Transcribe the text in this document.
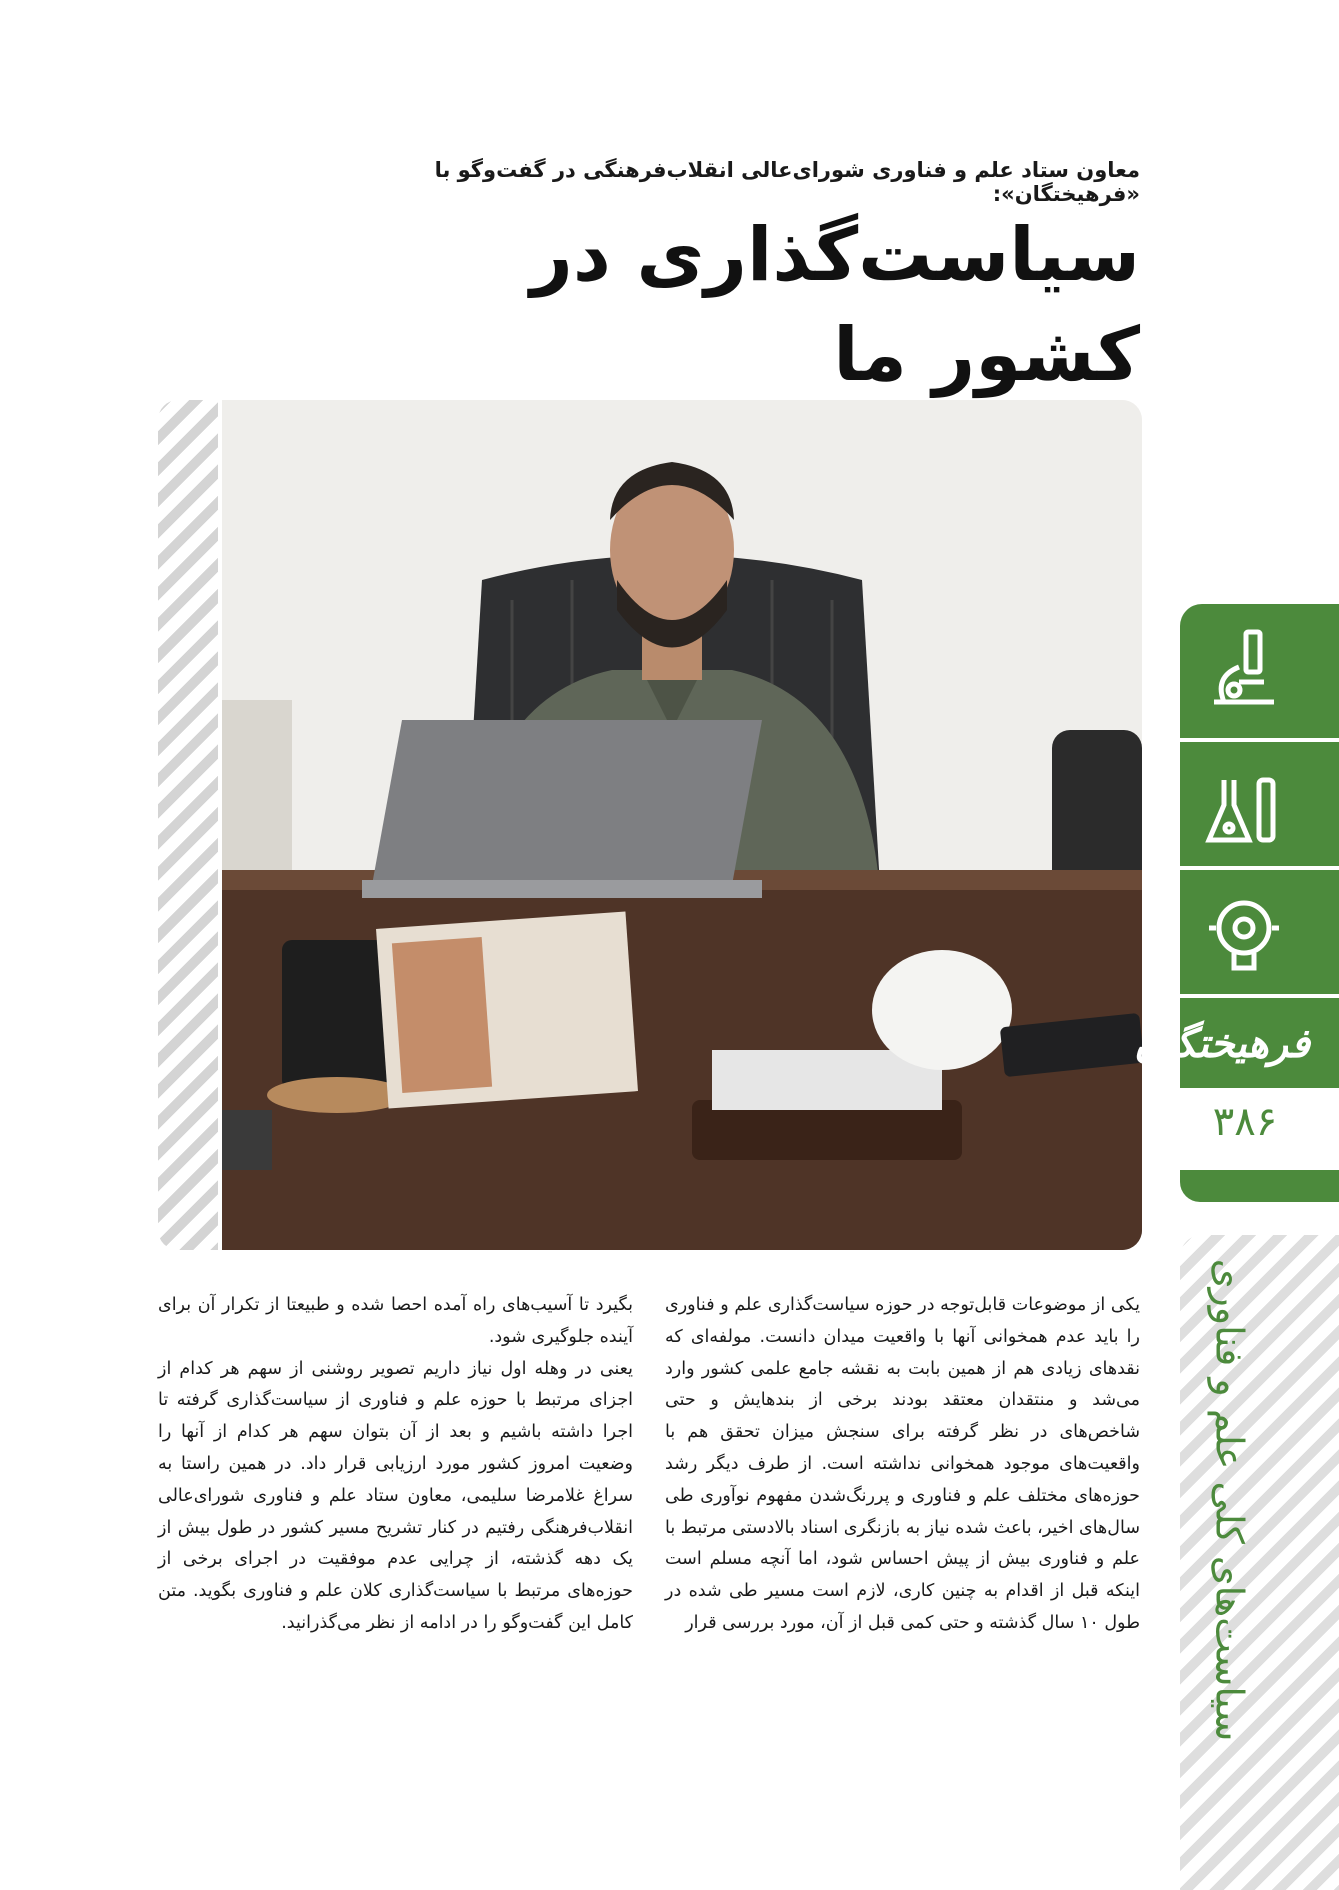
معاون ستاد علم و فناوری شورای‌عالی انقلاب‌فرهنگی در گفت‌وگو با «فرهیختگان»:
سیاست‌گذاری در کشور ما
فرهیختگان
۳۸۶
سیاست‌های کلی علم و فناوری

یکی از موضوعات قابل‌توجه در حوزه سیاست‌گذاری علم و فناوری را باید عدم همخوانی آنها با واقعیت میدان دانست. مولفه‌ای که نقدهای زیادی هم از همین بابت به نقشه جامع علمی کشور وارد می‌شد و منتقدان معتقد بودند برخی از بندهایش و حتی شاخص‌های در نظر گرفته برای سنجش میزان تحقق هم با واقعیت‌های موجود همخوانی نداشته است. از طرف دیگر رشد حوزه‌های مختلف علم و فناوری و پررنگ‌شدن مفهوم نوآوری طی سال‌های اخیر، باعث شده نیاز به بازنگری اسناد بالادستی مرتبط با علم و فناوری بیش از پیش احساس شود، اما آنچه مسلم است اینکه قبل از اقدام به چنین کاری، لازم است مسیر طی شده در طول ۱۰ سال گذشته و حتی کمی قبل از آن، مورد بررسی قرار

بگیرد تا آسیب‌های راه آمده احصا شده و طبیعتا از تکرار آن برای آینده جلوگیری شود.

یعنی در وهله اول نیاز داریم تصویر روشنی از سهم هر کدام از اجزای مرتبط با حوزه علم و فناوری از سیاست‌گذاری گرفته تا اجرا داشته باشیم و بعد از آن بتوان سهم هر کدام از آنها را وضعیت امروز کشور مورد ارزیابی قرار داد. در همین راستا به سراغ غلامرضا سلیمی، معاون ستاد علم و فناوری شورای‌عالی انقلاب‌فرهنگی رفتیم در کنار تشریح مسیر کشور در طول بیش از یک دهه گذشته، از چرایی عدم موفقیت در اجرای برخی از حوزه‌های مرتبط با سیاست‌گذاری کلان علم و فناوری بگوید. متن کامل این گفت‌وگو را در ادامه از نظر می‌گذرانید.
